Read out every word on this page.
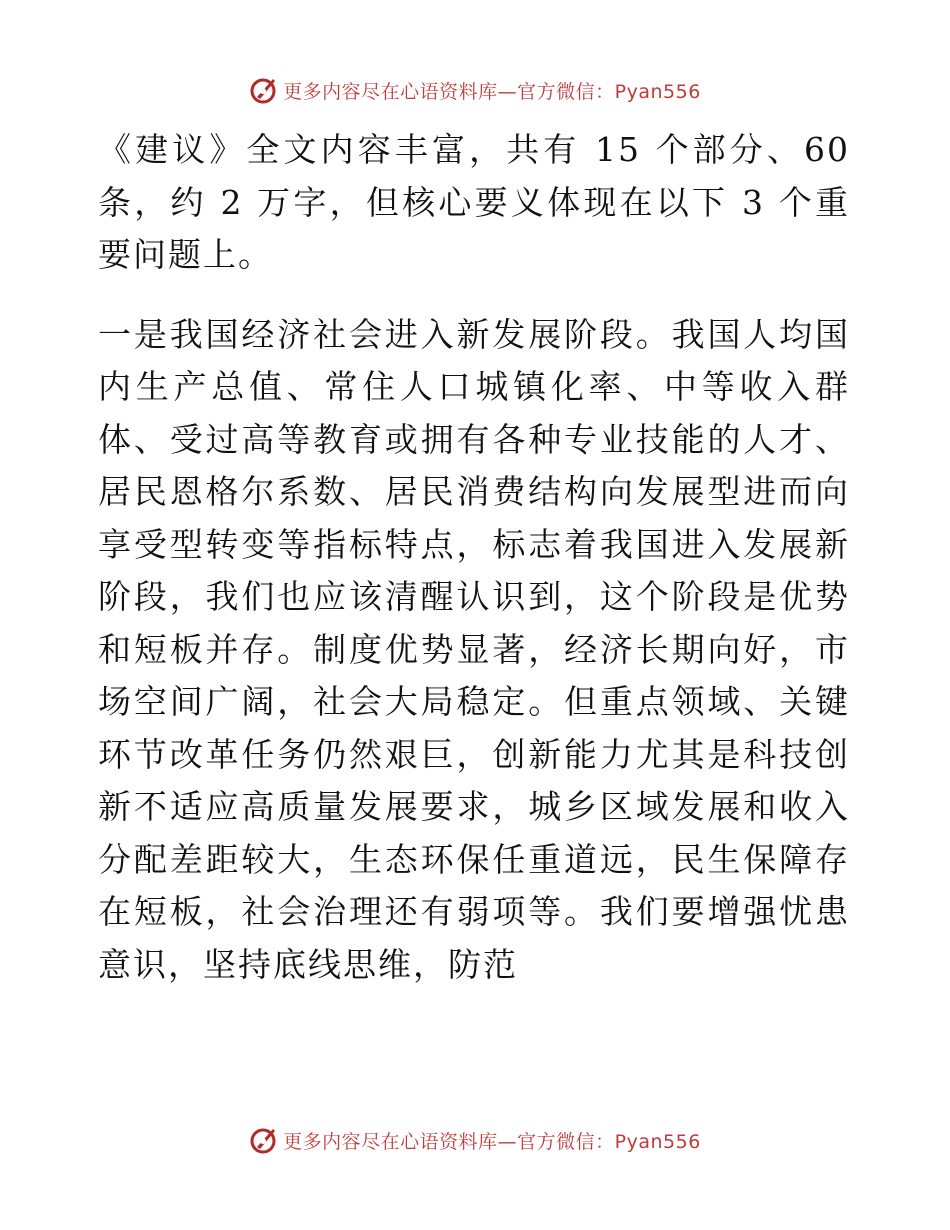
更多内容尽在心语资料库—官方微信：Pyan556

《建议》全文内容丰富，共有 15 个部分、60 条，约 2 万字，但核心要义体现在以下 3 个重要问题上。

一是我国经济社会进入新发展阶段。我国人均国内生产总值、常住人口城镇化率、中等收入群体、受过高等教育或拥有各种专业技能的人才、居民恩格尔系数、居民消费结构向发展型进而向享受型转变等指标特点，标志着我国进入发展新阶段，我们也应该清醒认识到，这个阶段是优势和短板并存。制度优势显著，经济长期向好，市场空间广阔，社会大局稳定。但重点领域、关键环节改革任务仍然艰巨，创新能力尤其是科技创新不适应高质量发展要求，城乡区域发展和收入分配差距较大，生态环保任重道远，民生保障存在短板，社会治理还有弱项等。我们要增强忧患意识，坚持底线思维，防范

更多内容尽在心语资料库—官方微信：Pyan556
